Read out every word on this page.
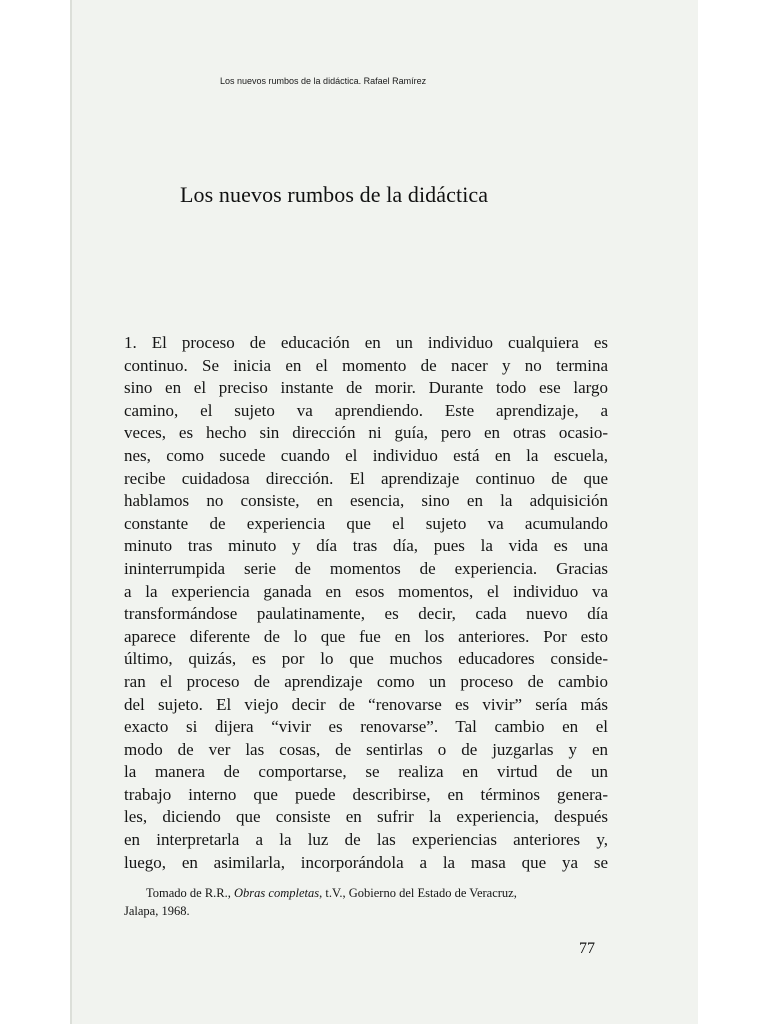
Los nuevos rumbos de la didáctica. Rafael Ramírez
Los nuevos rumbos de la didáctica
1. El proceso de educación en un individuo cualquiera es
continuo. Se inicia en el momento de nacer y no termina
sino en el preciso instante de morir. Durante todo ese largo
camino, el sujeto va aprendiendo. Este aprendizaje, a
veces, es hecho sin dirección ni guía, pero en otras ocasio-
nes, como sucede cuando el individuo está en la escuela,
recibe cuidadosa dirección. El aprendizaje continuo de que
hablamos no consiste, en esencia, sino en la adquisición
constante de experiencia que el sujeto va acumulando
minuto tras minuto y día tras día, pues la vida es una
ininterrumpida serie de momentos de experiencia. Gracias
a la experiencia ganada en esos momentos, el individuo va
transformándose paulatinamente, es decir, cada nuevo día
aparece diferente de lo que fue en los anteriores. Por esto
último, quizás, es por lo que muchos educadores conside-
ran el proceso de aprendizaje como un proceso de cambio
del sujeto. El viejo decir de “renovarse es vivir” sería más
exacto si dijera “vivir es renovarse”. Tal cambio en el
modo de ver las cosas, de sentirlas o de juzgarlas y en
la manera de comportarse, se realiza en virtud de un
trabajo interno que puede describirse, en términos genera-
les, diciendo que consiste en sufrir la experiencia, después
en interpretarla a la luz de las experiencias anteriores y,
luego, en asimilarla, incorporándola a la masa que ya se
Tomado de R.R., Obras completas, t.V., Gobierno del Estado de Veracruz,
Jalapa, 1968.
77
